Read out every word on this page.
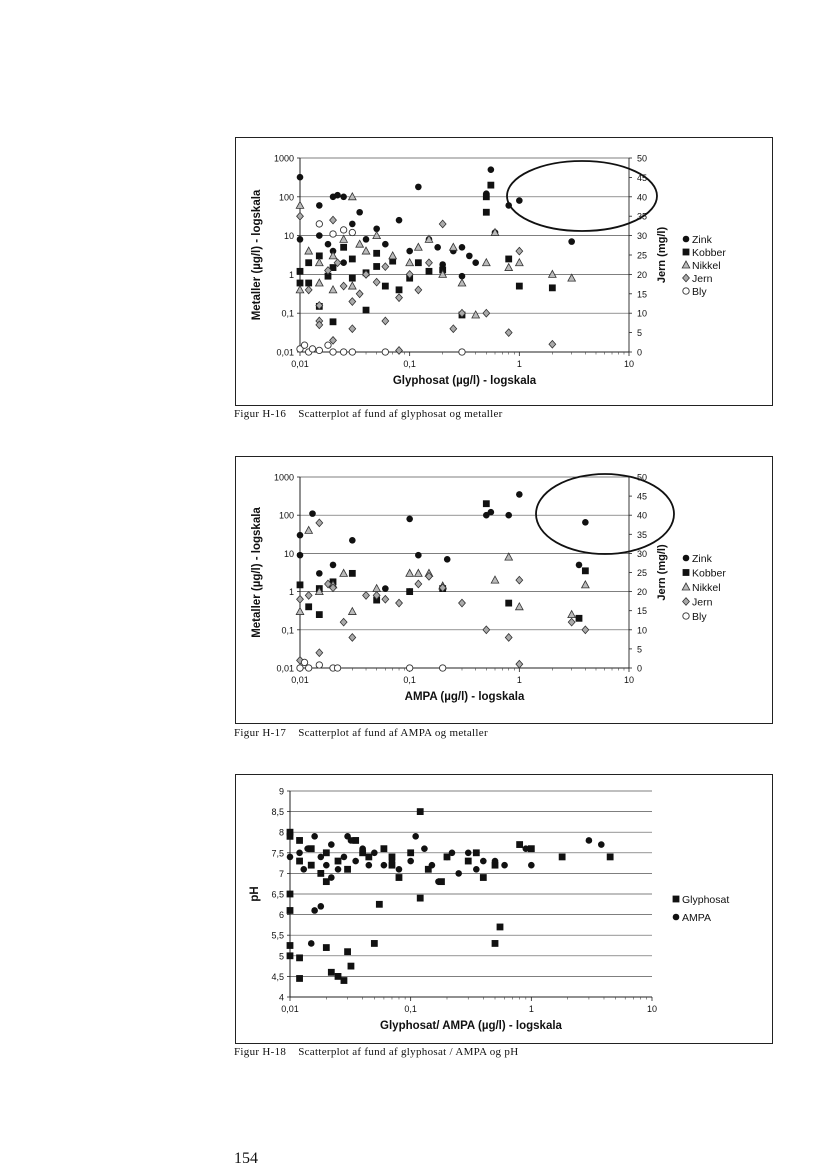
1000
100
10
1
0,1
0,01
50
45
40
35
30
25
20
15
10
5
0
Jern (mg/l)
0,01	0,1	1	10
Glyphosat (µg/l) - logskala
Metaller (µg/l) - logskala	Zink
Kobber
Nikkel
Jern
Bly
Figur H-16 Scatterplot af fund af glyphosat og metaller
1000
100
10
1
0,1
0,01
50
45
40
35
30
25
20
15
10
5
0
Jern (mg/l)
0,01	0,1	1	10
AMPA (µg/l) - logskala
Metaller (µg/l) - logskala	Zink
Kobber
Nikkel
Jern
Bly
Figur H-17 Scatterplot af fund af AMPA og metaller
9
8,5
8
7,5
7
6,5
6
5,5
5
4,5
4
0,01	0,1	1	10
Glyphosat/ AMPA (µg/l) - logskala
pH	Glyphosat
AMPA
Figur H-18 Scatterplot af fund af glyphosat / AMPA og pH
154
